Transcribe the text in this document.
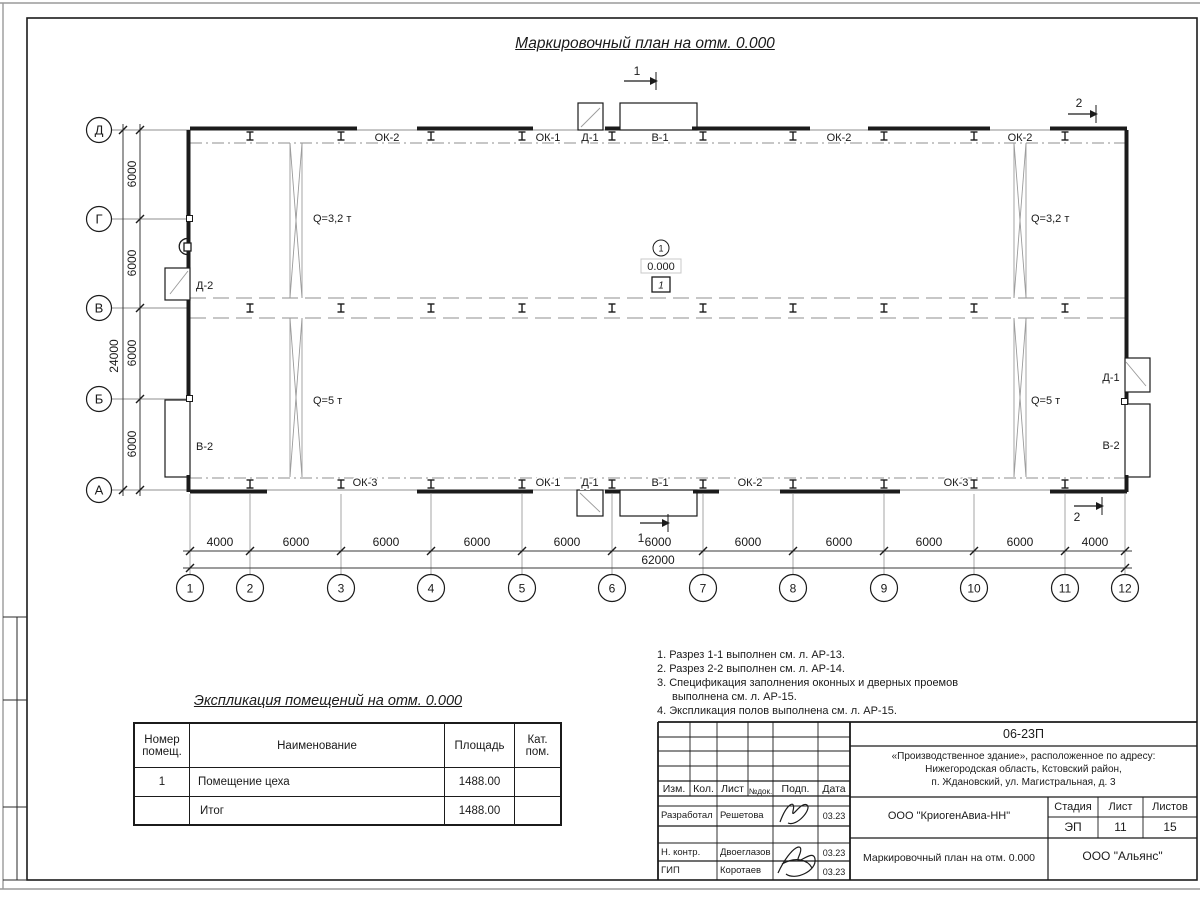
Q=3,2 т
Q=5 т
Q=3,2 т
Q=5 т
ОК-2	ОК-1 Д-1	В-1	ОК-2	ОК-2
ОК-3	ОК-1 Д-1	В-1	ОК-2	ОК-3
Д-2
В-2
Д-1
В-2
1
0.000
1
1
2
1
2
4000	6000	6000	6000	6000	6000	6000	6000	6000	6000	4000
62000
6000
6000
6000
6000
24000
Д
Г
В
Б
А
1	2	3	4	5	6	7	8	9	10	11	12
Маркировочный план на отм. 0.000
Экспликация помещений на отм. 0.000
Номер помещ.	Наименование	Площадь	Кат. пом.
1	Помещение цеха	1488.00	
	Итог	1488.00	
1. Разрез 1-1 выполнен см. л. АР-13.
2. Разрез 2-2 выполнен см. л. АР-14.
3. Спецификация заполнения оконных и дверных проемов выполнена см. л. АР-15.
4. Экспликация полов выполнена см. л. АР-15.
06-23П
«Производственное здание», расположенное по адресу:
Нижегородская область, Кстовский район,
п. Ждановский, ул. Магистральная, д. 3
Изм. Кол. Лист №док. Подп.	Дата
Разработал Решетова	03.23
Н. контр. Двоеглазов	03.23
ГИП	Коротаев	03.23
ООО "КриогенАвиа-НН"
Стадия	Лист	Листов
ЭП	11	15
Маркировочный план на отм. 0.000	ООО "Альянс"
